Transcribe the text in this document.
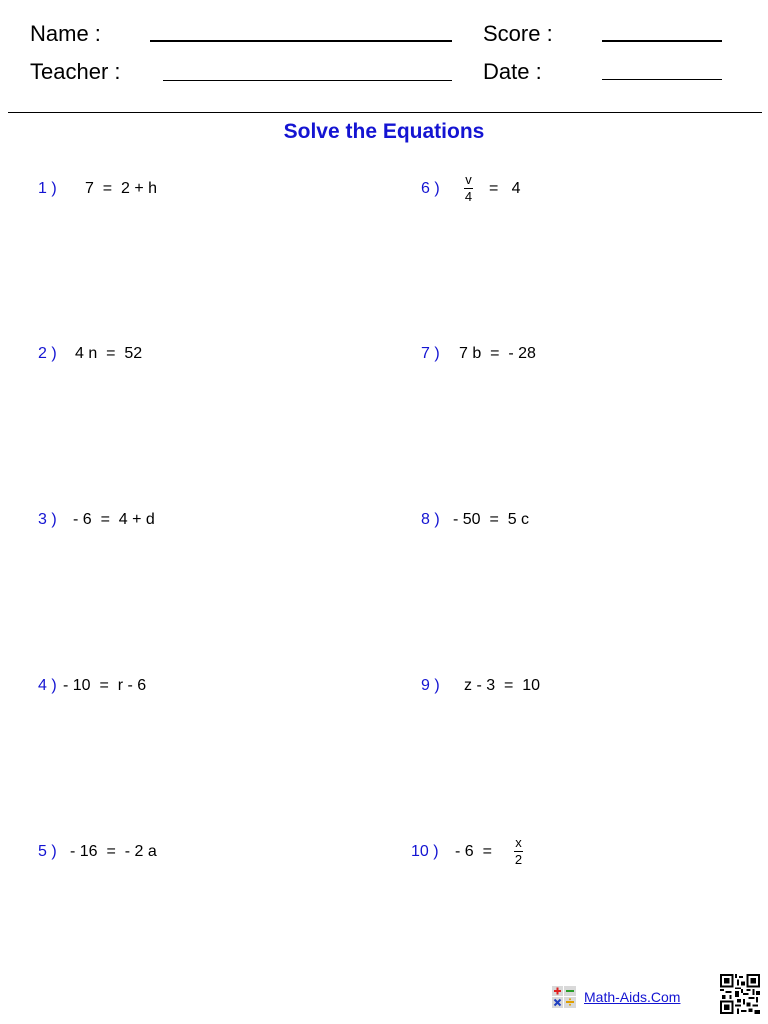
Name :
Teacher :
Score :
Date :
Solve the Equations
1 ) 7  =  2 + h
2 ) 4 n  =  52
3 ) - 6  =  4 + d
4 ) - 10  =  r - 6
5 ) - 16  =  - 2 a
6 )
v
4 =   4
7 ) 7 b  =  - 28
8 ) - 50  =  5 c
9 ) z - 3  =  10
10 ) - 6  =
x
2
Math-Aids.Com
